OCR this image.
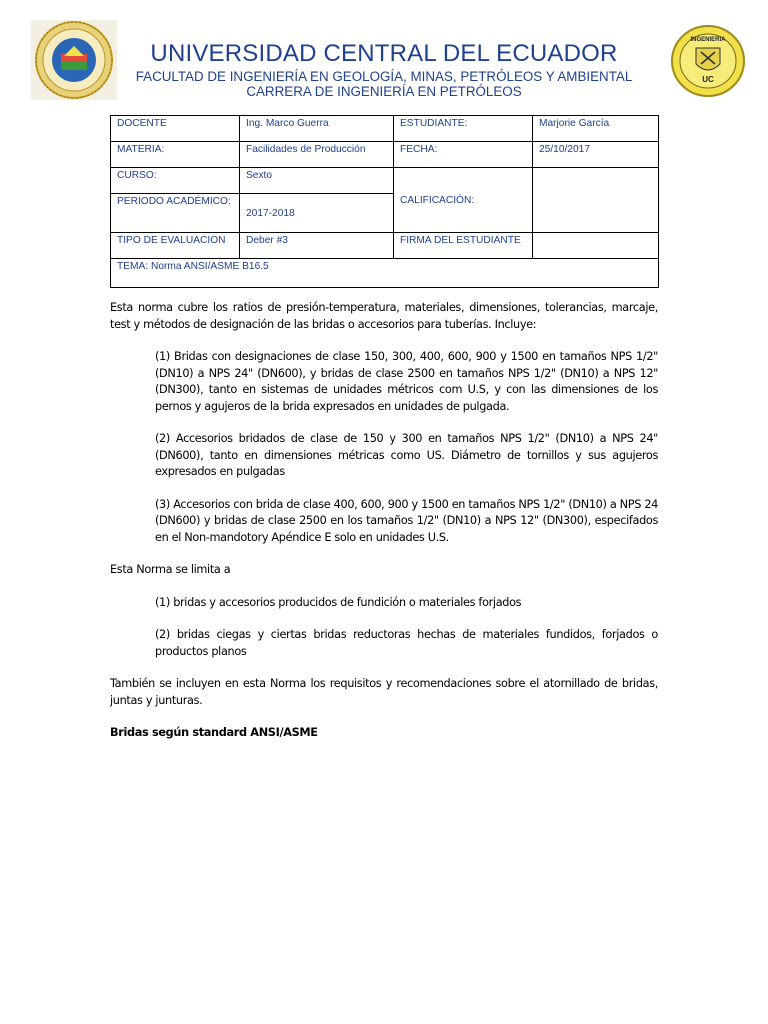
UNIVERSIDAD CENTRAL DEL ECUADOR
FACULTAD DE INGENIERÍA EN GEOLOGÍA, MINAS, PETRÓLEOS Y AMBIENTAL
CARRERA DE INGENIERÍA EN PETRÓLEOS
INGENIERIA
UC
DOCENTE	Ing. Marco Guerra	ESTUDIANTE:	Marjorie García
MATERIA:	Facilidades de Producción	FECHA:	25/10/2017
CURSO:	Sexto	CALIFICACIÓN:	
PERIODO ACADÉMICO:	2017-2018		
TIPO DE EVALUACION	Deber #3	FIRMA DEL ESTUDIANTE	
TEMA: Norma ANSI/ASME B16.5			

Esta norma cubre los ratios de presión-temperatura, materiales, dimensiones, tolerancias, marcaje, test y métodos de designación de las bridas o accesorios para tuberías. Incluye:

(1) Bridas con designaciones de clase 150, 300, 400, 600, 900 y 1500 en tamaños NPS 1/2" (DN10) a NPS 24" (DN600), y bridas de clase 2500 en tamaños NPS 1/2" (DN10) a NPS 12" (DN300), tanto en sistemas de unidades métricos com U.S, y con las dimensiones de los pernos y agujeros de la brida expresados en unidades de pulgada.

(2) Accesorios bridados de clase de 150 y 300 en tamaños NPS 1/2" (DN10) a NPS 24" (DN600), tanto en dimensiones métricas como US. Diámetro de tornillos y sus agujeros expresados en pulgadas

(3) Accesorios con brida de clase 400, 600, 900 y 1500 en tamaños NPS 1/2" (DN10) a NPS 24 (DN600) y bridas de clase 2500 en los tamaños 1/2" (DN10) a NPS 12" (DN300), especifados en el Non-mandotory Apéndice E solo en unidades U.S.

Esta Norma se limita a

(1) bridas y accesorios producidos de fundición o materiales forjados

(2) bridas ciegas y ciertas bridas reductoras hechas de materiales fundidos, forjados o productos planos

También se incluyen en esta Norma los requisitos y recomendaciones sobre el atornillado de bridas, juntas y junturas.

Bridas según standard ANSI/ASME
